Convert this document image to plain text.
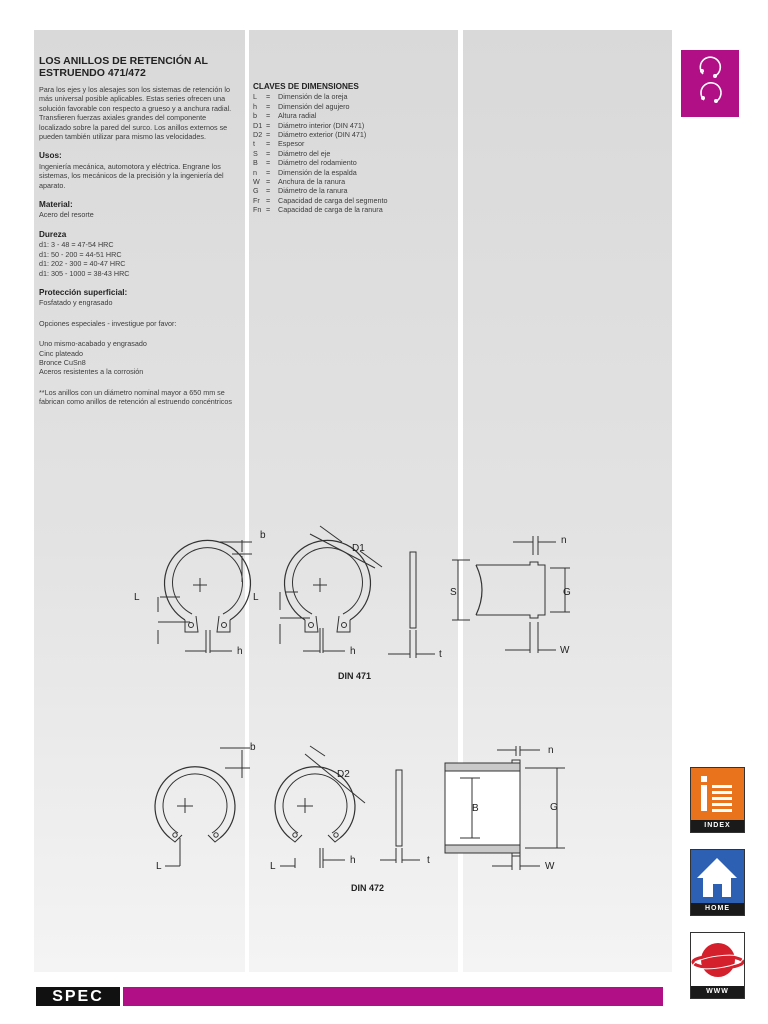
LOS ANILLOS DE RETENCIÓN AL ESTRUENDO 471/472

Para los ejes y los alesajes son los sistemas de retención lo más universal posible aplicables. Estas series ofrecen una solución favorable con respecto a grueso y a anchura radial. Transfieren fuerzas axiales grandes del componente localizado sobre la pared del surco. Los anillos externos se pueden también utilizar para mismo las velocidades.

Usos:

Ingeniería mecánica, automotora y eléctrica. Engrane los sistemas, los mecánicos de la precisión y la ingeniería del aparato.

Material:

Acero del resorte

Dureza

d1: 3 - 48 = 47-54 HRC

d1: 50 - 200 = 44-51 HRC

d1: 202 - 300 = 40-47 HRC

d1: 305 - 1000 = 38-43 HRC

Protección superficial:

Fosfatado y engrasado

Opciones especiales - investigue por favor:

Uno mismo-acabado y engrasado

Cinc plateado

Bronce CuSn8

Aceros resistentes a la corrosión

**Los anillos con un diámetro nominal mayor a 650 mm se fabrican como anillos de retención al estruendo concéntricos

CLAVES DE DIMENSIONES
L	=	Dimensión de la oreja
h	=	Dimensión del agujero
b	=	Altura radial
D1 =	Diámetro interior (DIN 471)
D2 =	Diámetro exterior (DIN 471)
t	=	Espesor
S	=	Diámetro del eje
B	=	Diámetro del rodamiento
n	=	Dimensión de la espalda
W =	Anchura de la ranura
G	=	Diámetro de la ranura
Fr =	Capacidad de carga del segmento
Fn =	Capacidad de carga de la ranura
b
L
h
L
h
D1
t
S	G
n
W
DIN 471
b
L	L
h
D2
t
B	G
n
W
DIN 472
INDEX
HOME
WWW
SPEC
